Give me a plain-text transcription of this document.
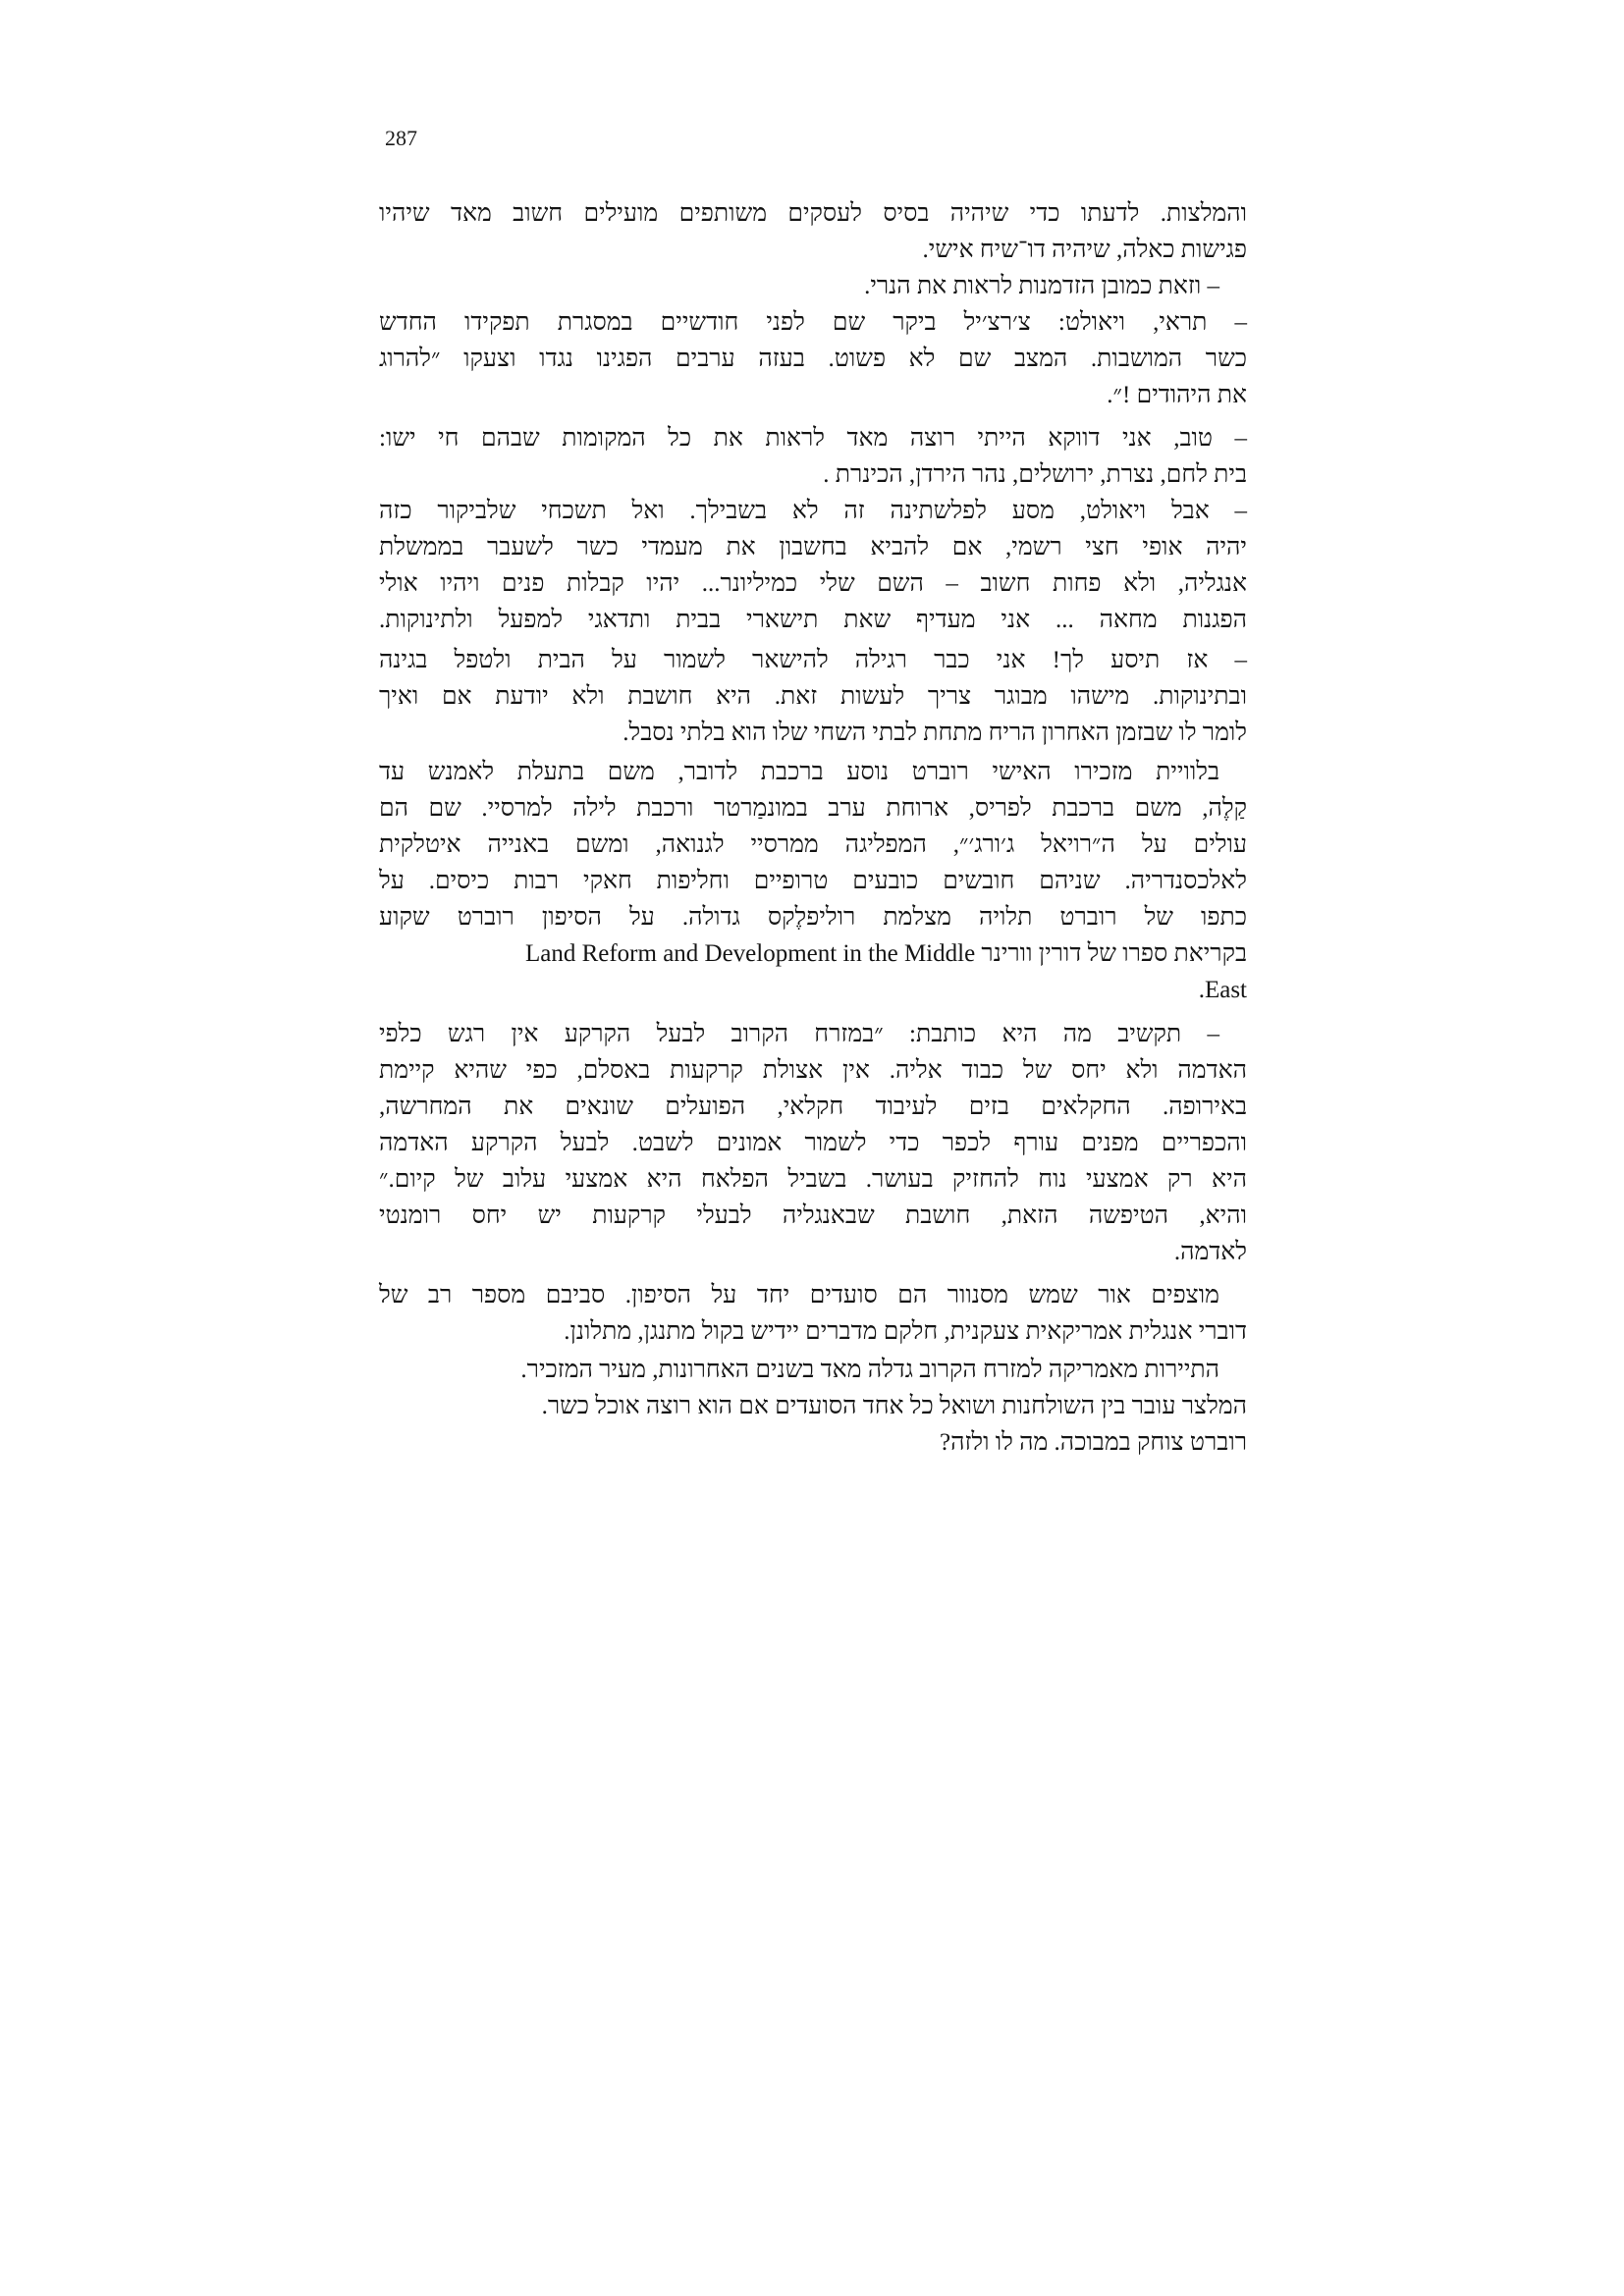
287
והמלצות. לדעתו כדי שיהיה בסיס לעסקים משותפים מועילים חשוב מאד שיהיו
פגישות כאלה, שיהיה דו־שיח אישי.
– וזאת כמובן הזדמנות לראות את הנרי.
– תראי, ויאולט: צ׳רצ׳יל ביקר שם לפני חודשיים במסגרת תפקידו החדש
כשר המושבות. המצב שם לא פשוט. בעזה ערבים הפגינו נגדו וצעקו ״להרוג
את היהודים !״.
– טוב, אני דווקא הייתי רוצה מאד לראות את כל המקומות שבהם חי ישו:
בית לחם, נצרת, ירושלים, נהר הירדן, הכינרת .
– אבל ויאולט, מסע לפלשתינה זה לא בשבילך. ואל תשכחי שלביקור כזה
יהיה אופי חצי רשמי, אם להביא בחשבון את מעמדי כשר לשעבר בממשלת
אנגליה, ולא פחות חשוב – השם שלי כמיליונר... יהיו קבלות פנים ויהיו אולי
הפגנות מחאה ... אני מעדיף שאת תישארי בבית ותדאגי למפעל ולתינוקות.
– אז תיסע לך! אני כבר רגילה להישאר לשמור על הבית ולטפל בגינה
ובתינוקות. מישהו מבוגר צריך לעשות זאת. היא חושבת ולא יודעת אם ואיך
לומר לו שבזמן האחרון הריח מתחת לבתי השחי שלו הוא בלתי נסבל.
בלוויית מזכירו האישי רוברט נוסע ברכבת לדובר, משם בתעלת לאמנש עד
קַלֶה, משם ברכבת לפריס, ארוחת ערב במונמַרטר ורכבת לילה למרסיי. שם הם
עולים על ה״רויאל ג׳ורג׳״, המפליגה ממרסיי לגנואה, ומשם באנייה איטלקית
לאלכסנדריה. שניהם חובשים כובעים טרופיים וחליפות חאקי רבות כיסים. על
כתפו של רוברט תלויה מצלמת רוליפלֶקס גדולה. על הסיפון רוברט שקוע
בקריאת ספרו של דורין וורינר Land Reform and Development in the Middle
.East
– תקשיב מה היא כותבת: ״במזרח הקרוב לבעל הקרקע אין רגש כלפי
האדמה ולא יחס של כבוד אליה. אין אצולת קרקעות באסלם, כפי שהיא קיימת
באירופה. החקלאים בזים לעיבוד חקלאי, הפועלים שונאים את המחרשה,
והכפריים מפנים עורף לכפר כדי לשמור אמונים לשבט. לבעל הקרקע האדמה
היא רק אמצעי נוח להחזיק בעושר. בשביל הפלאח היא אמצעי עלוב של קיום.״
והיא, הטיפשה הזאת, חושבת שבאנגליה לבעלי קרקעות יש יחס רומנטי
לאדמה.
מוצפים אור שמש מסנוור הם סועדים יחד על הסיפון. סביבם מספר רב של
דוברי אנגלית אמריקאית צעקנית, חלקם מדברים יידיש בקול מתנגן, מתלונן.
התיירות מאמריקה למזרח הקרוב גדלה מאד בשנים האחרונות, מעיר המזכיר.
המלצר עובר בין השולחנות ושואל כל אחד הסועדים אם הוא רוצה אוכל כשר.
רוברט צוחק במבוכה. מה לו ולזה?
